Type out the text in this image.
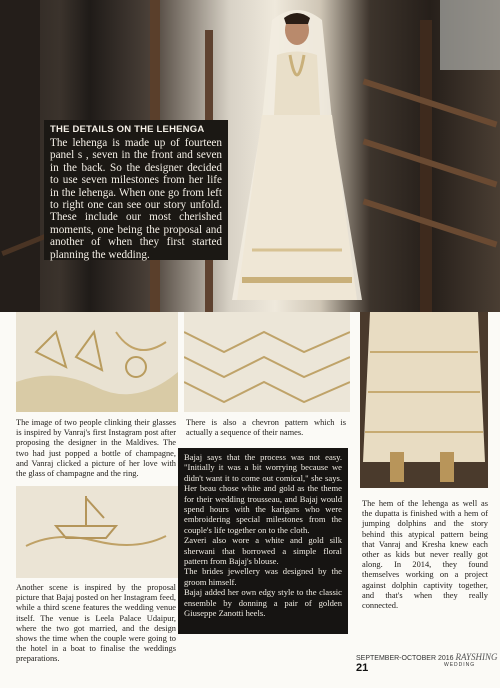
THE DETAILS ON THE LEHENGA

The lehenga is made up of fourteen panel s , seven in the front and seven in the back. So the designer decided to use seven milestones from her life in the lehenga. When one go from left to right one can see our story unfold. These include our most cherished moments, one being the proposal and another of when they first started planning the wedding.

The image of two people clinking their glasses is inspired by Vanraj's first Instagram post after proposing the designer in the Maldives. The two had just popped a bottle of champagne, and Vanraj clicked a picture of her love with the glass of champagne and the ring.
There is also a chevron pattern which is actually a sequence of their names.
Another scene is inspired by the proposal picture that Bajaj posted on her Instagram feed, while a third scene features the wedding venue itself. The venue is Leela Palace Udaipur, where the two got married, and the design shows the time when the couple were going to the hotel in a boat to finalise the weddings preparations.

Bajaj says that the process was not easy. "Initially it was a bit worrying because we didn't want it to come out comical," she says. Her beau chose white and gold as the theme for their wedding trousseau, and Bajaj would spend hours with the karigars who were embroidering special milestones from the couple's life together on to the cloth.

Zaveri also wore a white and gold silk sherwani that borrowed a simple floral pattern from Bajaj's blouse.

The brides jewellery was designed by the groom himself.

Bajaj added her own edgy style to the classic ensemble by donning a pair of golden Giuseppe Zanotti heels.

The hem of the lehenga as well as the dupatta is finished with a hem of jumping dolphins and the story behind this atypical pattern being that Vanraj and Kresha knew each other as kids but never really got along. In 2014, they found themselves working on a project against dolphin captivity together, and that's when they really connected.
SEPTEMBER-OCTOBER 2016 RAYSHING 21	WEDDING
